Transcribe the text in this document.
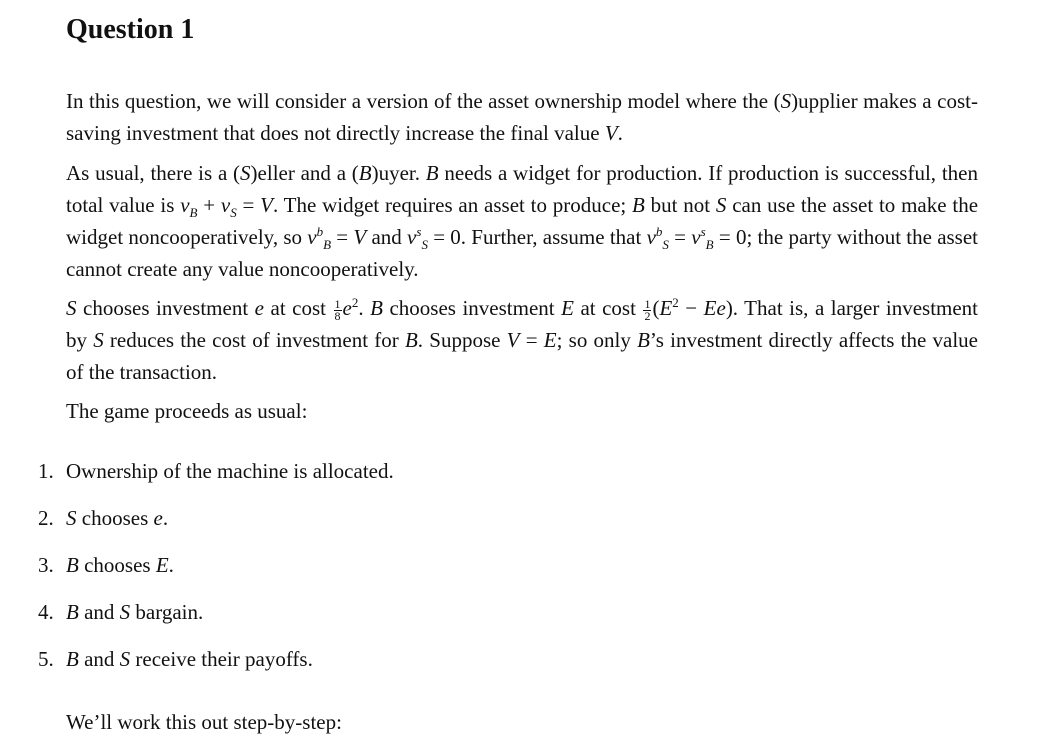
Question 1

In this question, we will consider a version of the asset ownership model where the (S)upplier makes a cost-saving investment that does not directly increase the final value V.

As usual, there is a (S)eller and a (B)uyer. B needs a widget for production. If production is successful, then total value is $v_B + v_S = V$. The widget requires an asset to produce; B but not S can use the asset to make the widget noncooperatively, so $v^b_B = V$ and $v^s_S = 0$. Further, assume that $v^b_S = v^s_B = 0$; the party without the asset cannot create any value noncooperatively.

S chooses investment e at cost $\frac{1}{8} e^2$. B chooses investment E at cost $\frac{1}{2} (E^2 - Ee)$. That is, a larger investment by S reduces the cost of investment for B. Suppose V = E; so only B’s investment directly affects the value of the transaction.

The game proceeds as usual:

1. Ownership of the machine is allocated.
2. S chooses e.
3. B chooses E.
4. B and S bargain.
5. B and S receive their payoffs.

We’ll work this out step-by-step:
